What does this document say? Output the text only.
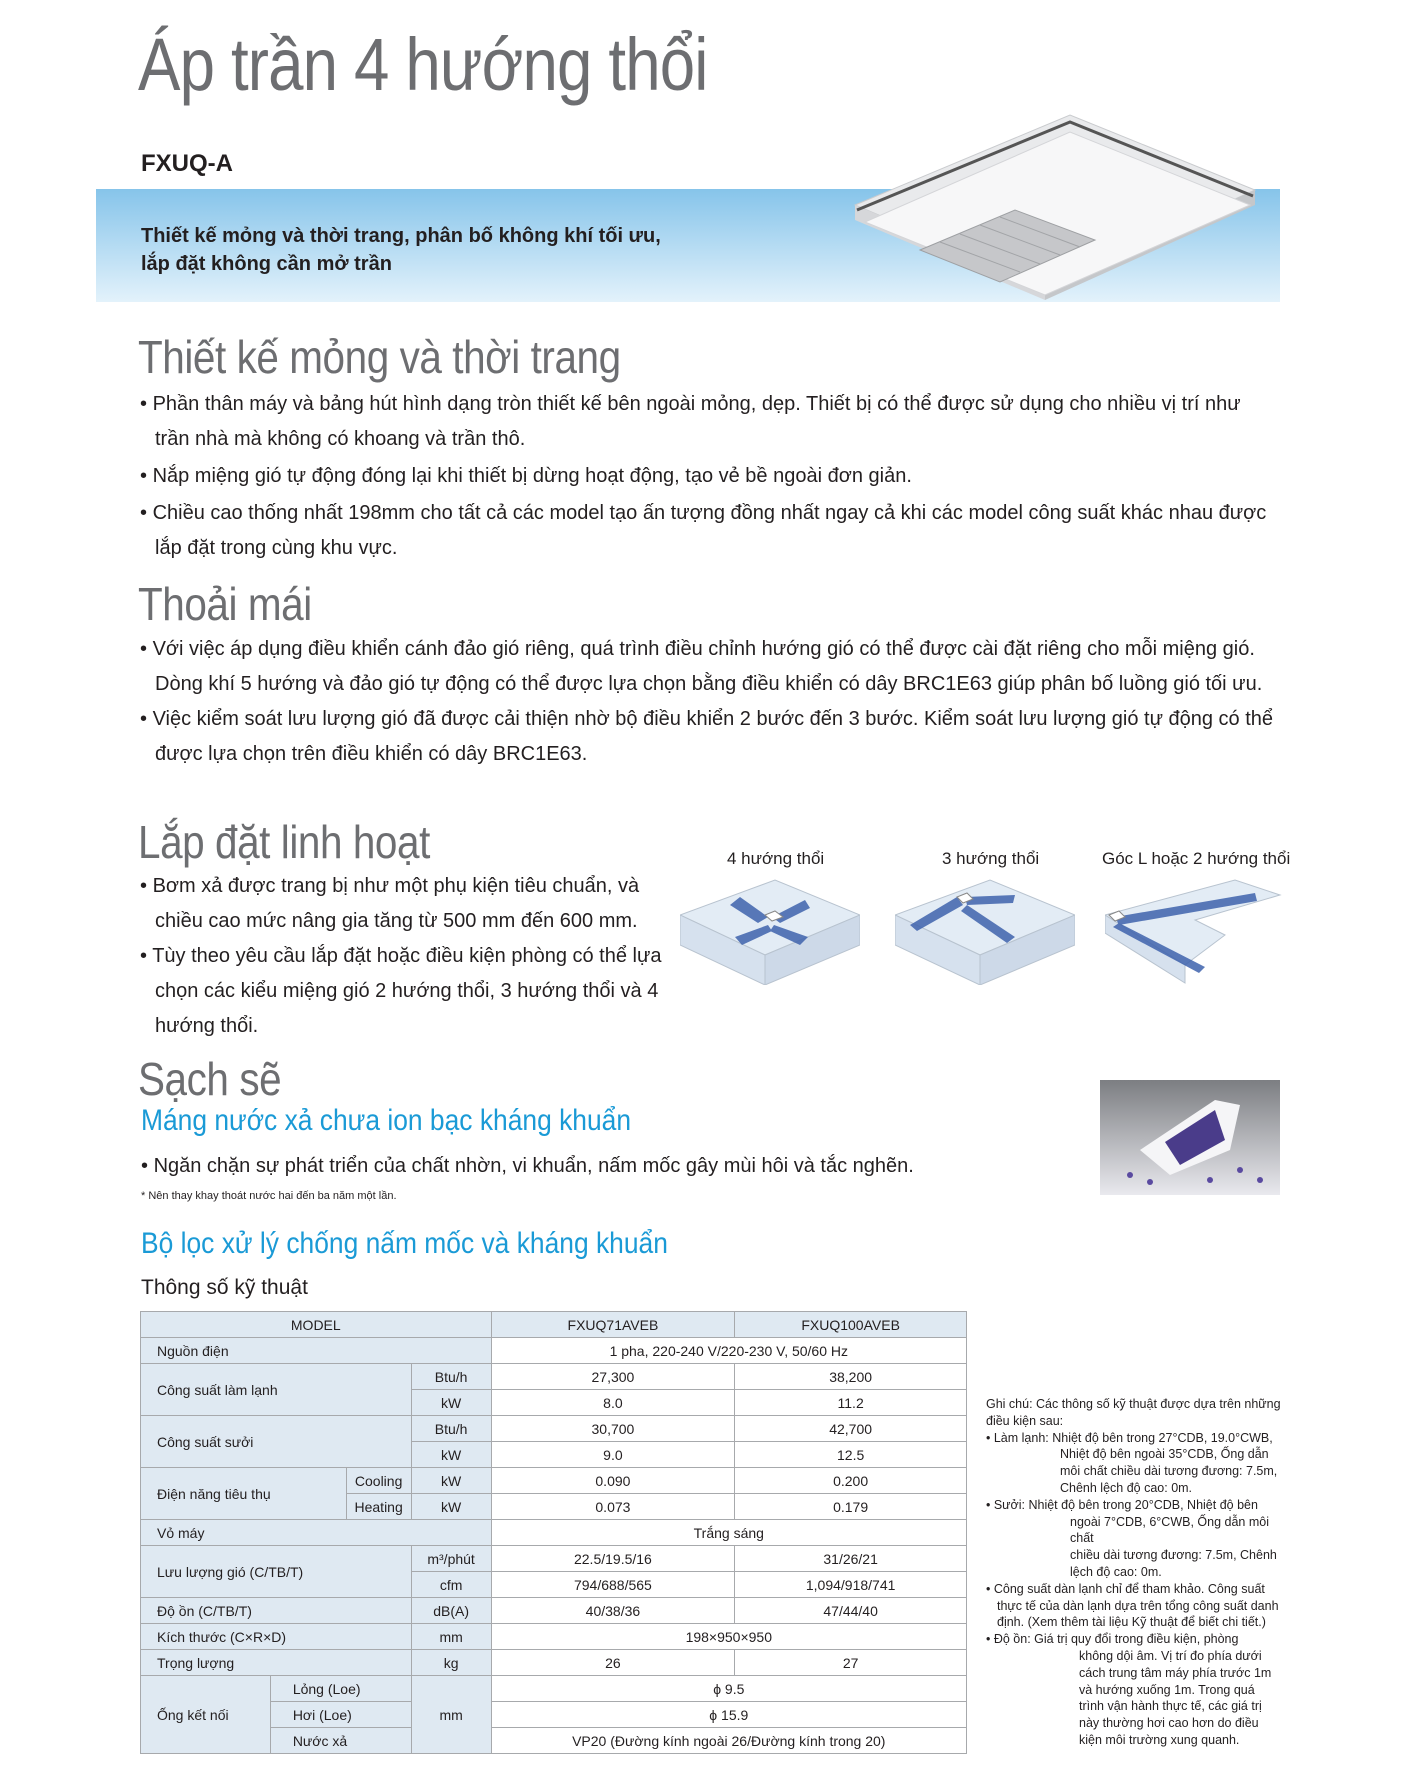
Áp trần 4 hướng thổi
FXUQ-A
Thiết kế mỏng và thời trang, phân bố không khí tối ưu,
lắp đặt không cần mở trần
Thiết kế mỏng và thời trang
• Phần thân máy và bảng hút hình dạng tròn thiết kế bên ngoài mỏng, dẹp. Thiết bị có thể được sử dụng cho nhiều vị trí như trần nhà mà không có khoang và trần thô.
• Nắp miệng gió tự động đóng lại khi thiết bị dừng hoạt động, tạo vẻ bề ngoài đơn giản.
• Chiều cao thống nhất 198mm cho tất cả các model tạo ấn tượng đồng nhất ngay cả khi các model công suất khác nhau được lắp đặt trong cùng khu vực.
Thoải mái
• Với việc áp dụng điều khiển cánh đảo gió riêng, quá trình điều chỉnh hướng gió có thể được cài đặt riêng cho mỗi miệng gió. Dòng khí 5 hướng và đảo gió tự động có thể được lựa chọn bằng điều khiển có dây BRC1E63 giúp phân bố luồng gió tối ưu.
• Việc kiểm soát lưu lượng gió đã được cải thiện nhờ bộ điều khiển 2 bước đến 3 bước. Kiểm soát lưu lượng gió tự động có thể được lựa chọn trên điều khiển có dây BRC1E63.
Lắp đặt linh hoạt
• Bơm xả được trang bị như một phụ kiện tiêu chuẩn, và chiều cao mức nâng gia tăng từ 500 mm đến 600 mm.
• Tùy theo yêu cầu lắp đặt hoặc điều kiện phòng có thể lựa chọn các kiểu miệng gió 2 hướng thổi, 3 hướng thổi và 4 hướng thổi.
4 hướng thổi	3 hướng thổi	Góc L hoặc 2 hướng thổi
Sạch sẽ
Máng nước xả chưa ion bạc kháng khuẩn
• Ngăn chặn sự phát triển của chất nhờn, vi khuẩn, nấm mốc gây mùi hôi và tắc nghẽn.
* Nên thay khay thoát nước hai đến ba năm một lần.
Bộ lọc xử lý chống nấm mốc và kháng khuẩn
Thông số kỹ thuật
MODEL				FXUQ71AVEB	FXUQ100AVEB
Nguồn điện				1 pha, 220-240 V/220-230 V, 50/60 Hz	
Công suất làm lạnh			Btu/h	27,300	38,200
			kW	8.0	11.2
Công suất sưởi			Btu/h	30,700	42,700
			kW	9.0	12.5
Điện năng tiêu thụ		Cooling	kW	0.090	0.200
		Heating	kW	0.073	0.179
Vỏ máy				Trắng sáng	
Lưu lượng gió (C/TB/T)			m³/phút	22.5/19.5/16	31/26/21
			cfm	794/688/565	1,094/918/741
Độ ồn (C/TB/T)			dB(A)	40/38/36	47/44/40
Kích thước (C×R×D)			mm	198×950×950	
Trọng lượng			kg	26	27
Ống kết nối	Lỏng (Loe)		mm	ϕ 9.5	
	Hơi (Loe)			ϕ 15.9	
	Nước xả			VP20 (Đường kính ngoài 26/Đường kính trong 20)	
Ghi chú: Các thông số kỹ thuật được dựa trên những
điều kiện sau:
• Làm lạnh: Nhiệt độ bên trong 27°CDB, 19.0°CWB,
Nhiệt độ bên ngoài 35°CDB, Ống dẫn
môi chất chiều dài tương đương: 7.5m,
Chênh lệch độ cao: 0m.
• Sưởi: Nhiệt độ bên trong 20°CDB, Nhiệt độ bên
ngoài 7°CDB, 6°CWB, Ống dẫn môi chất
chiều dài tương đương: 7.5m, Chênh
lệch độ cao: 0m.
• Công suất dàn lạnh chỉ để tham khảo. Công suất
thực tế của dàn lạnh dựa trên tổng công suất danh
định. (Xem thêm tài liệu Kỹ thuật để biết chi tiết.)
• Độ ồn: Giá trị quy đổi trong điều kiện, phòng
không dội âm. Vị trí đo phía dưới
cách trung tâm máy phía trước 1m
và hướng xuống 1m. Trong quá
trình vận hành thực tế, các giá trị
này thường hơi cao hơn do điều
kiện môi trường xung quanh.
